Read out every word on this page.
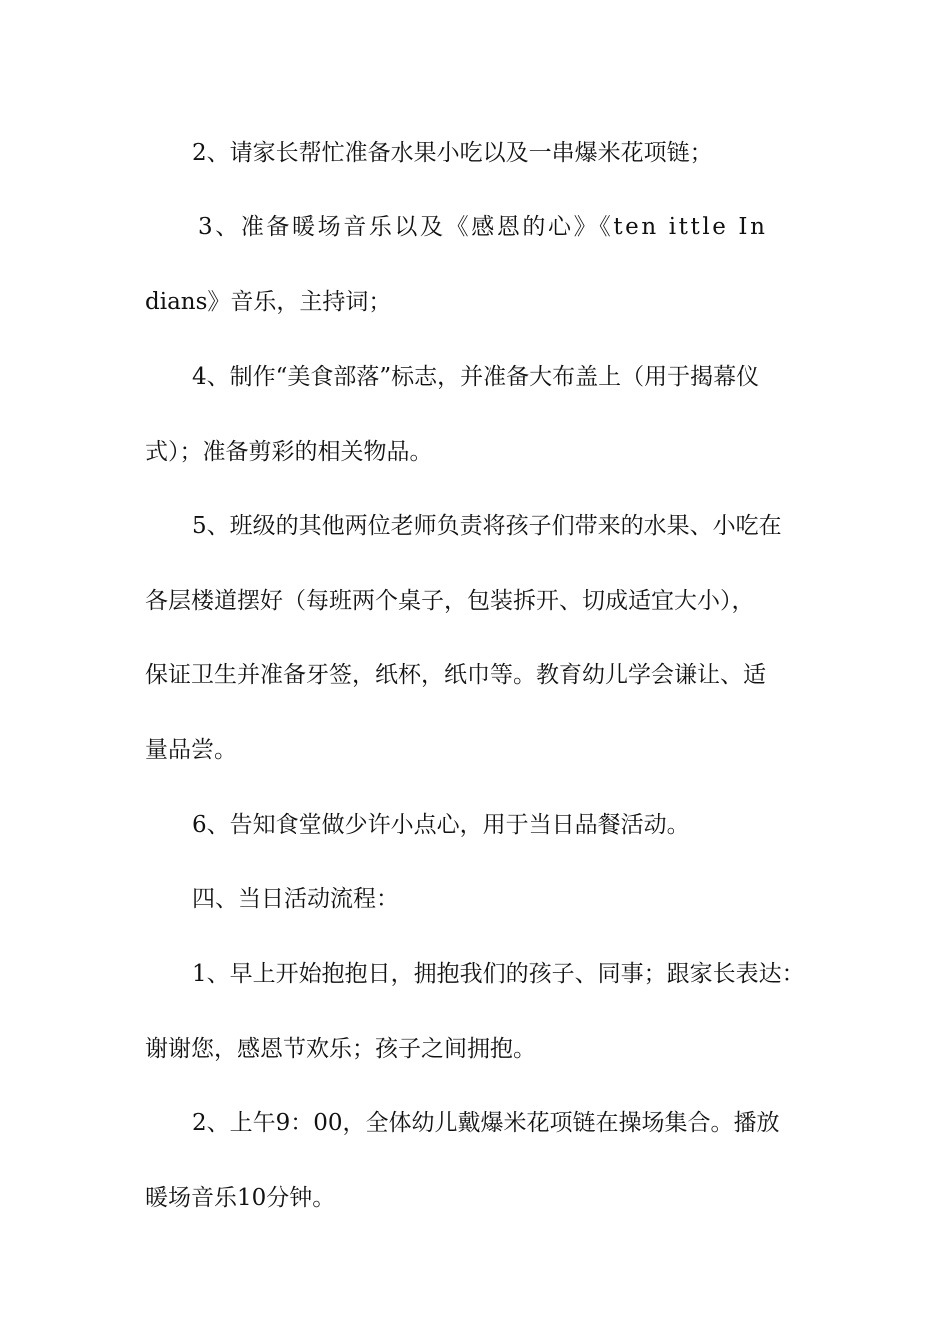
2、请家长帮忙准备水果小吃以及一串爆米花项链；
3、准备暖场音乐以及《感恩的心》《ten ittle In
dians》音乐，主持词；
4、制作“美食部落”标志，并准备大布盖上（用于揭幕仪
式）；准备剪彩的相关物品。
5、班级的其他两位老师负责将孩子们带来的水果、小吃在
各层楼道摆好（每班两个桌子，包装拆开、切成适宜大小），
保证卫生并准备牙签，纸杯，纸巾等。教育幼儿学会谦让、适
量品尝。
6、告知食堂做少许小点心，用于当日品餐活动。
四、当日活动流程：
1、早上开始抱抱日，拥抱我们的孩子、同事；跟家长表达：
谢谢您，感恩节欢乐；孩子之间拥抱。
2、上午9：00，全体幼儿戴爆米花项链在操场集合。播放
暖场音乐10分钟。
